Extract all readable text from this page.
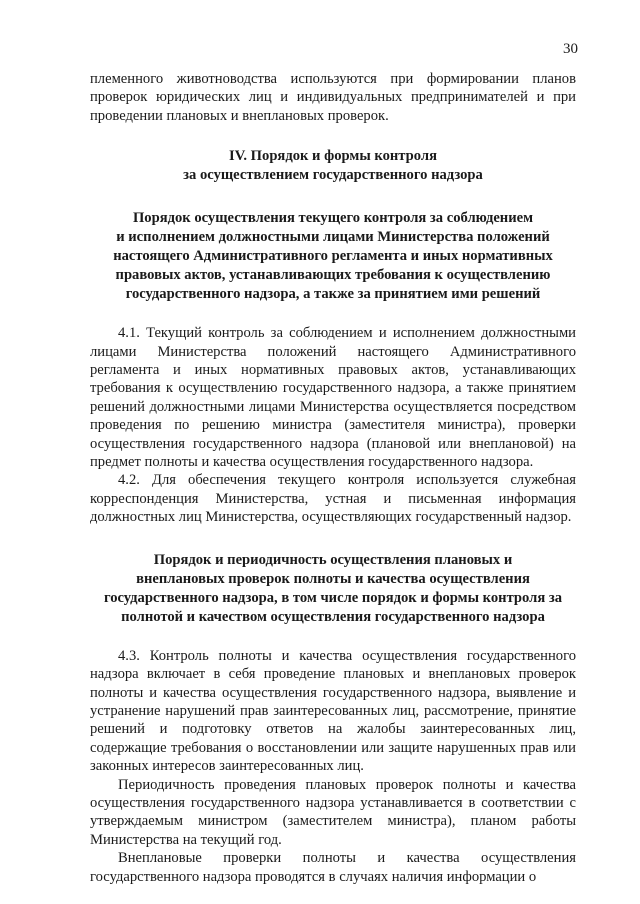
30

племенного животноводства используются при формировании планов проверок юридических лиц и индивидуальных предпринимателей и при проведении плановых и внеплановых проверок.

IV. Порядок и формы контроля
за осуществлением государственного надзора
Порядок осуществления текущего контроля за соблюдением
и исполнением должностными лицами Министерства положений
настоящего Административного регламента и иных нормативных
правовых актов, устанавливающих требования к осуществлению
государственного надзора, а также за принятием ими решений

4.1. Текущий контроль за соблюдением и исполнением должностными лицами Министерства положений настоящего Административного регламента и иных нормативных правовых актов, устанавливающих требования к осуществлению государственного надзора, а также принятием решений должностными лицами Министерства осуществляется посредством проведения по решению министра (заместителя министра), проверки осуществления государственного надзора (плановой или внеплановой) на предмет полноты и качества осуществления государственного надзора.

4.2. Для обеспечения текущего контроля используется служебная корреспонденция Министерства, устная и письменная информация должностных лиц Министерства, осуществляющих государственный надзор.

Порядок и периодичность осуществления плановых и
внеплановых проверок полноты и качества осуществления
государственного надзора, в том числе порядок и формы контроля за
полнотой и качеством осуществления государственного надзора

4.3. Контроль полноты и качества осуществления государственного надзора включает в себя проведение плановых и внеплановых проверок полноты и качества осуществления государственного надзора, выявление и устранение нарушений прав заинтересованных лиц, рассмотрение, принятие решений и подготовку ответов на жалобы заинтересованных лиц, содержащие требования о восстановлении или защите нарушенных прав или законных интересов заинтересованных лиц.

Периодичность проведения плановых проверок полноты и качества осуществления государственного надзора устанавливается в соответствии с утверждаемым министром (заместителем министра), планом работы Министерства на текущий год.

Внеплановые проверки полноты и качества осуществления государственного надзора проводятся в случаях наличия информации о
